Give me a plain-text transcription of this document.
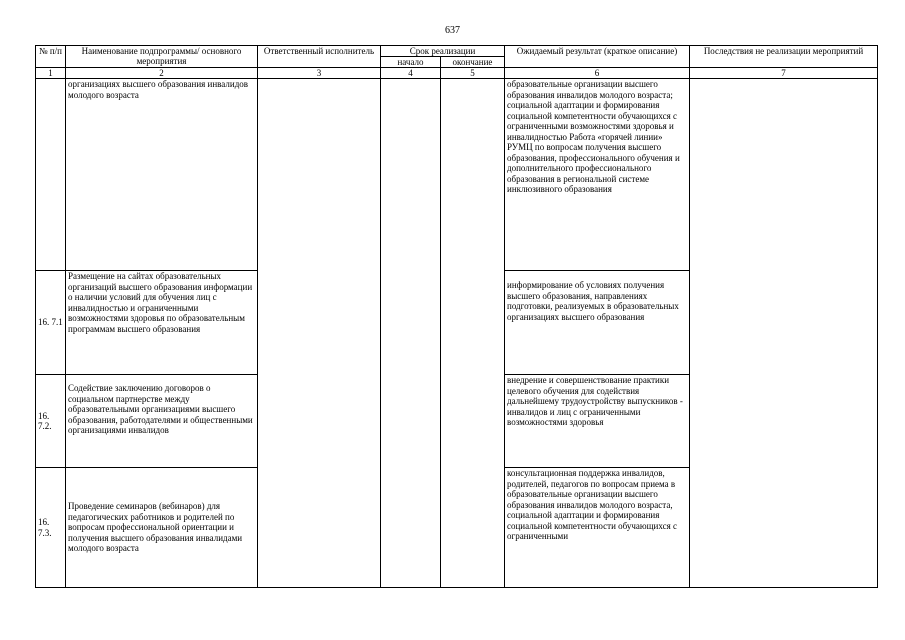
637
№ п/п	Наименование подпрограммы/ основного мероприятия	Ответственный исполнитель	Срок реализации		Ожидаемый результат (краткое описание)	Последствия не реализации мероприятий
			начало	окончание		
1	2	3	4	5	6	7
	организациях высшего образования инвалидов молодого возраста				образовательные организации высшего образования инвалидов молодого возраста; социальной адаптации и формирования социальной компетентности обучающихся с ограниченными возможностями здоровья и инвалидностью Работа «горячей линии» РУМЦ по вопросам получения высшего образования, профессионального обучения и дополнительного профессионального образования в региональной системе инклюзивного образования	
16. 7.1	Размещение на сайтах образовательных организаций высшего образования информации о наличии условий для обучения лиц с инвалидностью и ограниченными возможностями здоровья по образовательным программам высшего образования				информирование об условиях получения высшего образования, направлениях подготовки, реализуемых в образовательных организациях высшего образования	
16. 7.2.	Содействие заключению договоров о социальном партнерстве между образовательными организациями высшего образования, работодателями и общественными организациями инвалидов				внедрение и совершенствование практики целевого обучения для содействия дальнейшему трудоустройству выпускников - инвалидов и лиц с ограниченными возможностями здоровья	
16. 7.3.	Проведение семинаров (вебинаров) для педагогических работников и родителей по вопросам профессиональной ориентации и получения высшего образования инвалидами молодого возраста				консультационная поддержка инвалидов, родителей, педагогов по вопросам приема в образовательные организации высшего образования инвалидов молодого возраста, социальной адаптации и формирования социальной компетентности обучающихся с ограниченными	
